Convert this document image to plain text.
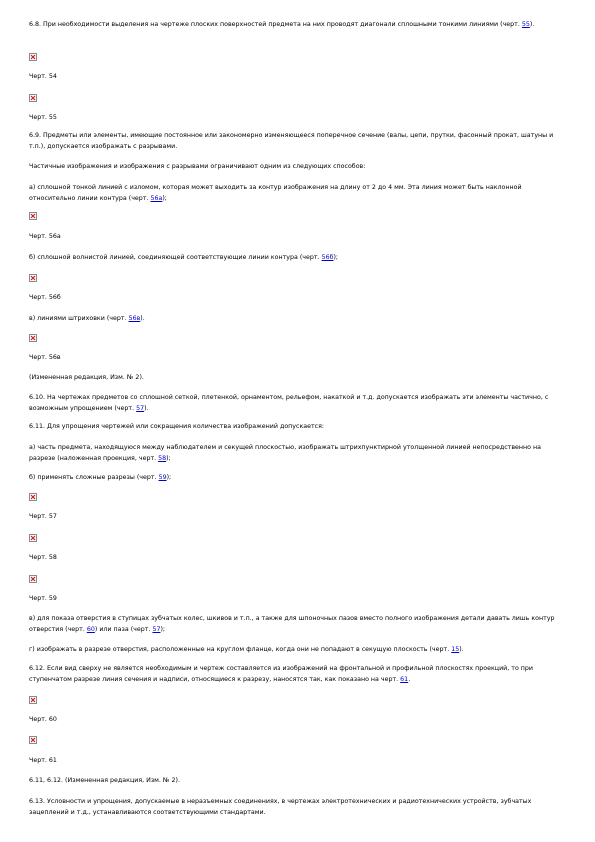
6.8. При необходимости выделения на чертеже плоских поверхностей предмета на них проводят диагонали сплошными тонкими линиями (черт. 55).
Черт. 54
Черт. 55
6.9. Предметы или элементы, имеющие постоянное или закономерно изменяющееся поперечное сечение (валы, цепи, прутки, фасонный прокат, шатуны и т.п.), допускается изображать с разрывами.
Частичные изображения и изображения с разрывами ограничивают одним из следующих способов:
а) сплошной тонкой линией с изломом, которая может выходить за контур изображения на длину от 2 до 4 мм. Эта линия может быть наклонной относительно линии контура (черт. 56а);
Черт. 56а
б) сплошной волнистой линией, соединяющей соответствующие линии контура (черт. 56б);
Черт. 56б
в) линиями штриховки (черт. 56в).
Черт. 56в
(Измененная редакция, Изм. № 2).
6.10. На чертежах предметов со сплошной сеткой, плетенкой, орнаментом, рельефом, накаткой и т.д. допускается изображать эти элементы частично, с возможным упрощением (черт. 57).
6.11. Для упрощения чертежей или сокращения количества изображений допускается:
а) часть предмета, находящуюся между наблюдателем и секущей плоскостью, изображать штрихпунктирной утолщенной линией непосредственно на разрезе (наложенная проекция, черт. 58);
б) применять сложные разрезы (черт. 59);
Черт. 57
Черт. 58
Черт. 59
в) для показа отверстия в ступицах зубчатых колес, шкивов и т.п., а также для шпоночных пазов вместо полного изображения детали давать лишь контур отверстия (черт. 60) или паза (черт. 57);
г) изображать в разрезе отверстия, расположенные на круглом фланце, когда они не попадают в секущую плоскость (черт. 15).
6.12. Если вид сверху не является необходимым и чертеж составляется из изображений на фронтальной и профильной плоскостях проекций, то при ступенчатом разрезе линия сечения и надписи, относящиеся к разрезу, наносятся так, как показано на черт. 61.
Черт. 60
Черт. 61
6.11, 6.12. (Измененная редакция, Изм. № 2).
6.13. Условности и упрощения, допускаемые в неразъемных соединениях, в чертежах электротехнических и радиотехнических устройств, зубчатых зацеплений и т.д., устанавливаются соответствующими стандартами.
